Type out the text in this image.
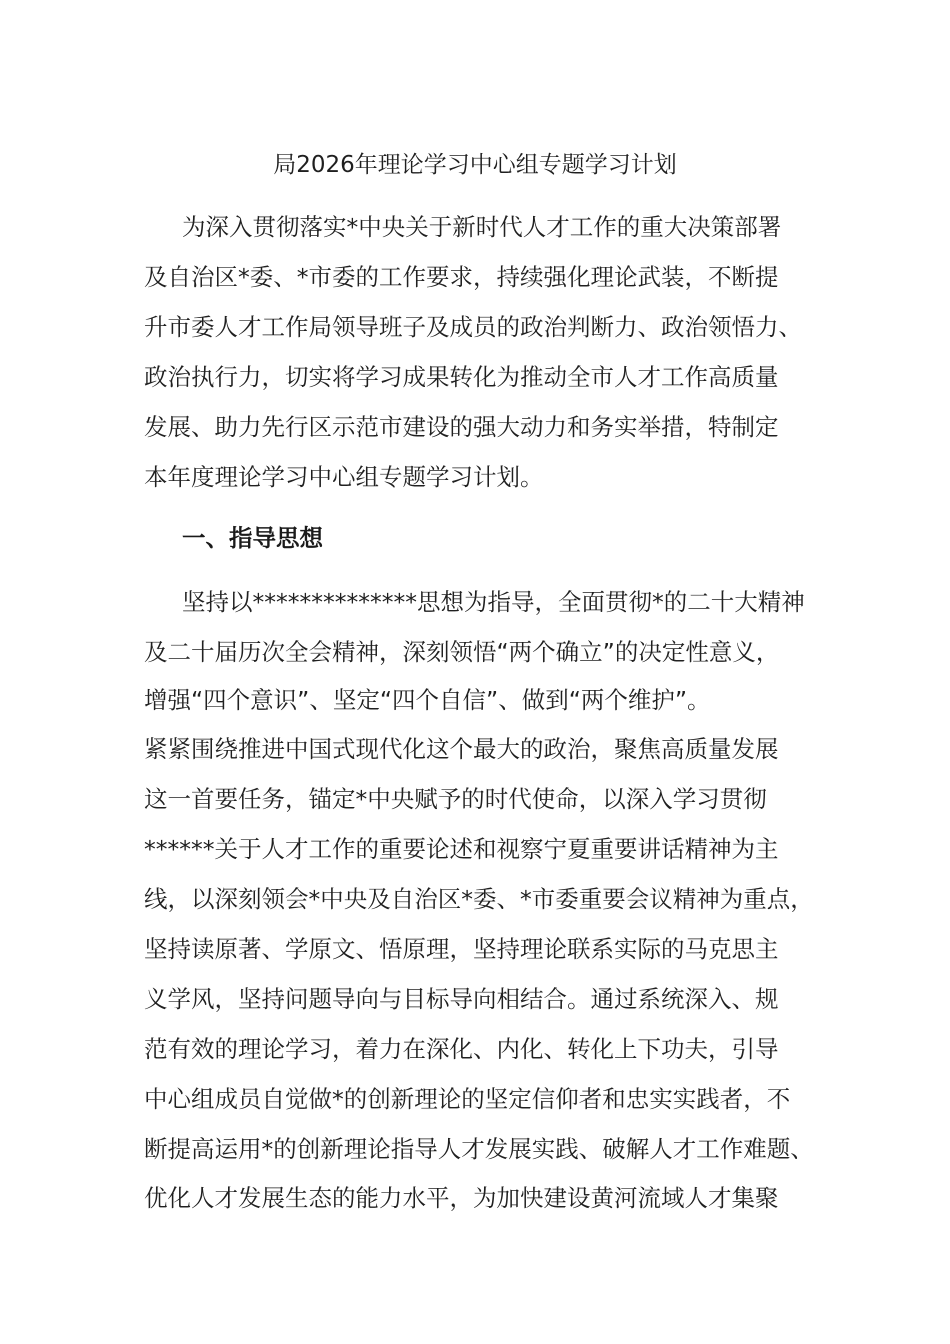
局2026年理论学习中心组专题学习计划
为深入贯彻落实*中央关于新时代人才工作的重大决策部署
及自治区*委、*市委的工作要求，持续强化理论武装，不断提
升市委人才工作局领导班子及成员的政治判断力、政治领悟力、
政治执行力，切实将学习成果转化为推动全市人才工作高质量
发展、助力先行区示范市建设的强大动力和务实举措，特制定
本年度理论学习中心组专题学习计划。
一、指导思想
坚持以**************思想为指导，全面贯彻*的二十大精神
及二十届历次全会精神，深刻领悟“两个确立”的决定性意义，
增强“四个意识”、坚定“四个自信”、做到“两个维护”。
紧紧围绕推进中国式现代化这个最大的政治，聚焦高质量发展
这一首要任务，锚定*中央赋予的时代使命，以深入学习贯彻
******关于人才工作的重要论述和视察宁夏重要讲话精神为主
线，以深刻领会*中央及自治区*委、*市委重要会议精神为重点，
坚持读原著、学原文、悟原理，坚持理论联系实际的马克思主
义学风，坚持问题导向与目标导向相结合。通过系统深入、规
范有效的理论学习，着力在深化、内化、转化上下功夫，引导
中心组成员自觉做*的创新理论的坚定信仰者和忠实实践者，不
断提高运用*的创新理论指导人才发展实践、破解人才工作难题、
优化人才发展生态的能力水平，为加快建设黄河流域人才集聚
